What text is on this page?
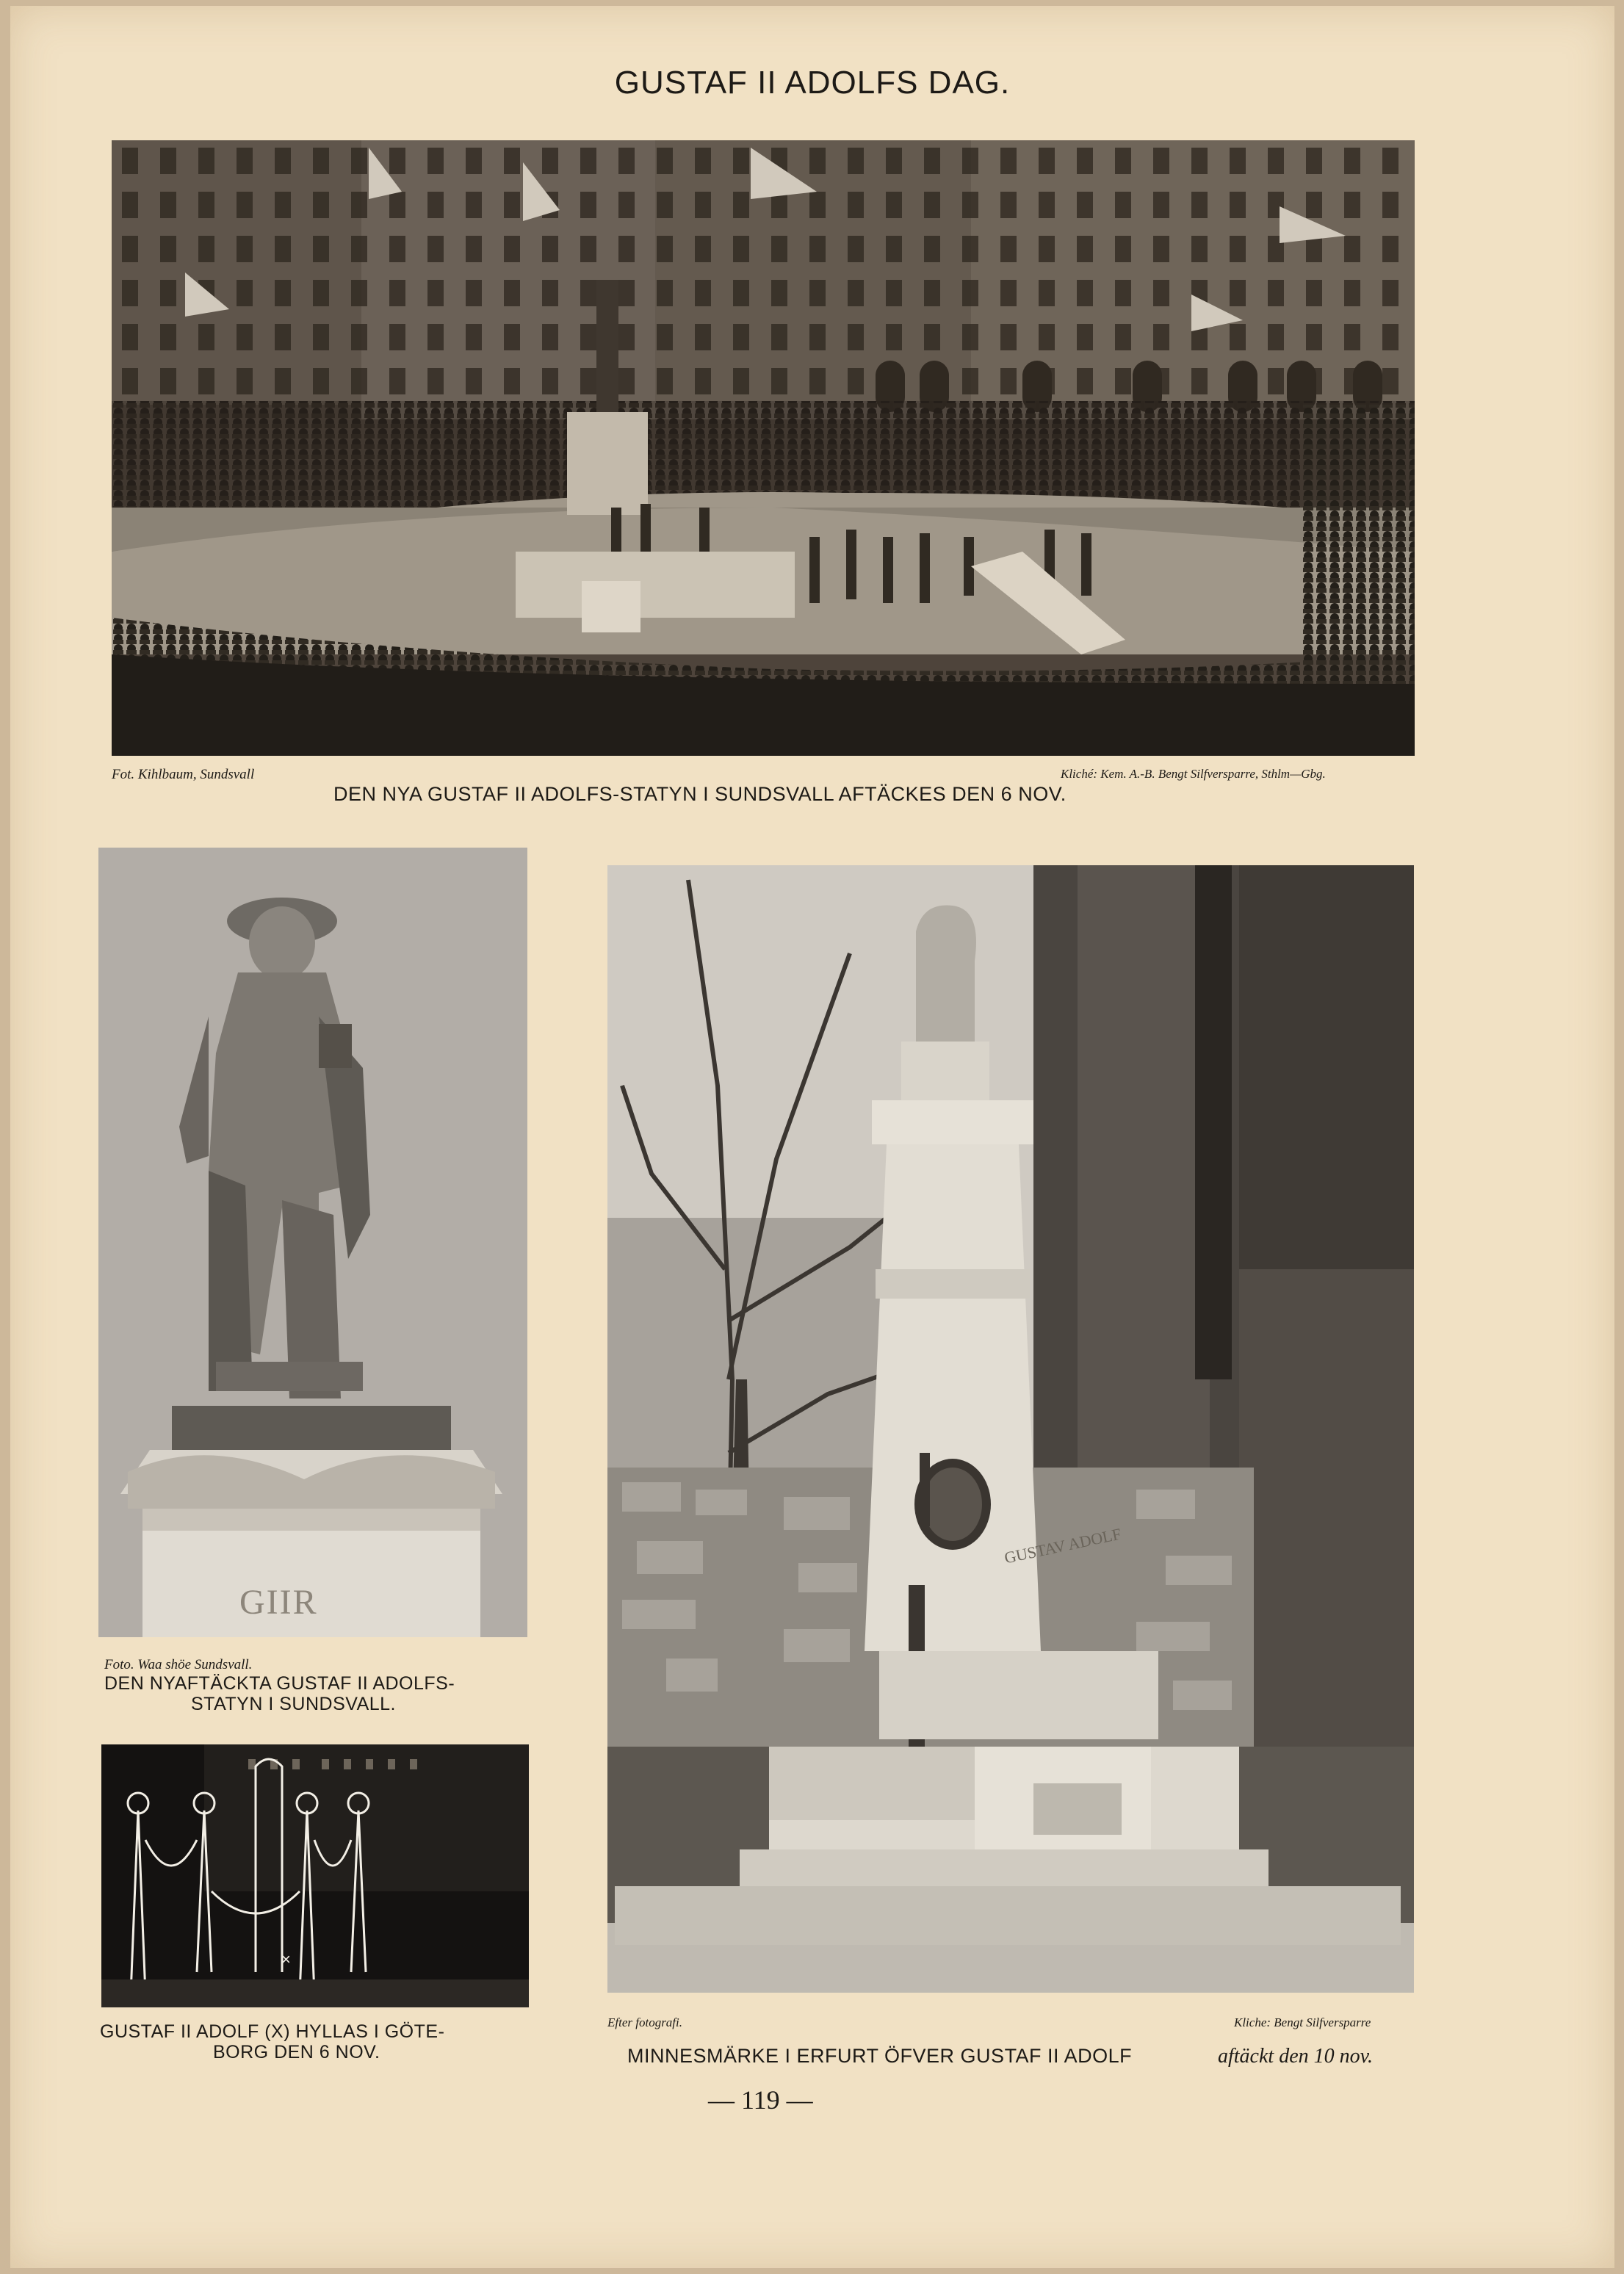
GUSTAF II ADOLFS DAG.
Fot. Kihlbaum, Sundsvall	Kliché: Kem. A.-B. Bengt Silfversparre, Sthlm—Gbg.
DEN NYA GUSTAF II ADOLFS-STATYN I SUNDSVALL AFTÄCKES DEN 6 NOV.
GIIR
Foto. Waa shöe Sundsvall.
DEN NYAFTÄCKTA GUSTAF II ADOLFS-
STATYN I SUNDSVALL.
×
GUSTAF II ADOLF (X) HYLLAS I GÖTE-
BORG DEN 6 NOV.
GUSTAV ADOLF
Efter fotografi.	Kliche: Bengt Silfversparre
MINNESMÄRKE I ERFURT ÖFVER GUSTAF II ADOLF	aftäckt den 10 nov.
— 119 —
